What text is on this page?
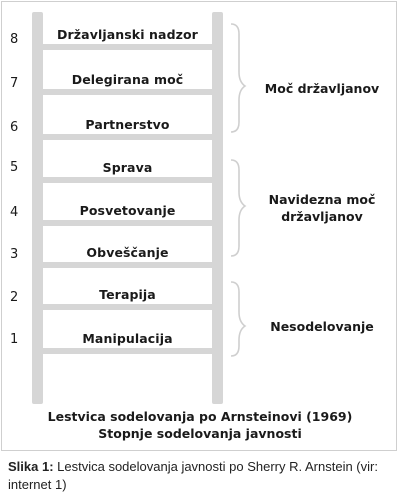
8	Državljanski nadzor
7	Delegirana moč
6	Partnerstvo
5	Sprava
4	Posvetovanje
3	Obveščanje
2	Terapija
1	Manipulacija
Moč državljanov
Navidezna moč
državljanov
Nesodelovanje
Lestvica sodelovanja po Arnsteinovi (1969)
Stopnje sodelovanja javnosti
Slika 1: Lestvica sodelovanja javnosti po Sherry R. Arnstein (vir: internet 1)
